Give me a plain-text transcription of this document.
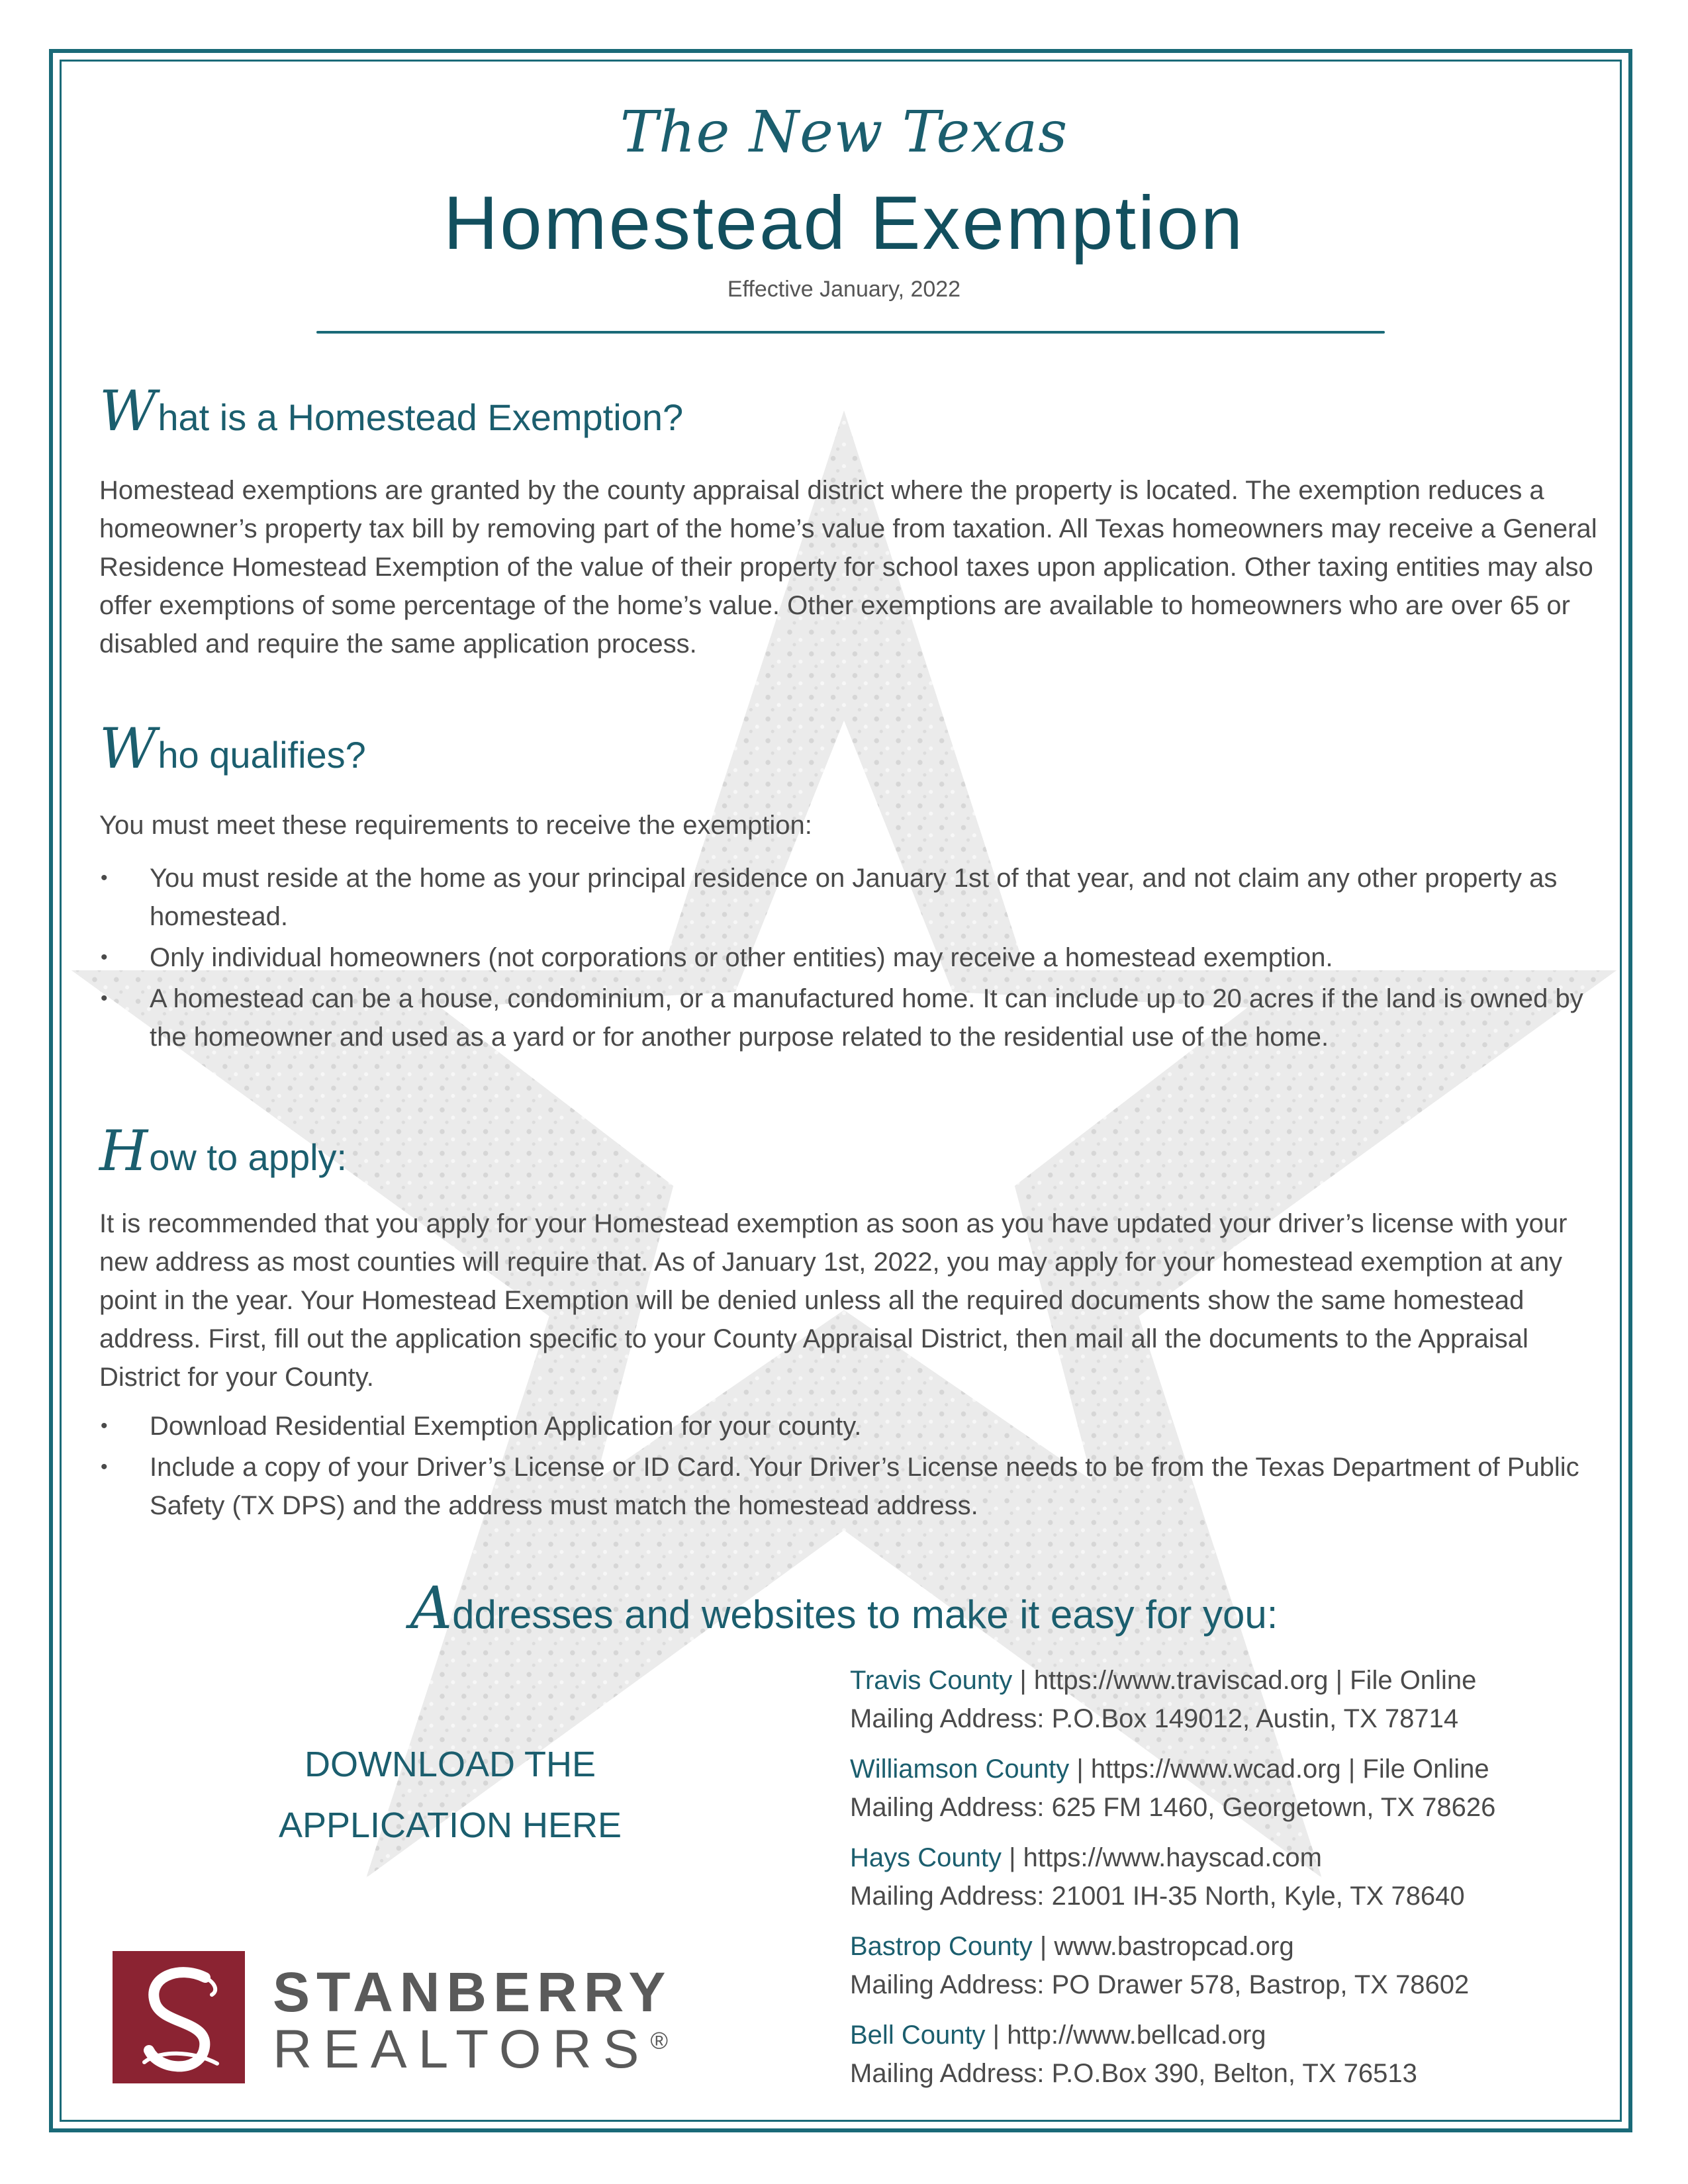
The New Texas
Homestead Exemption
Effective January, 2022
What is a Homestead Exemption?
Homestead exemptions are granted by the county appraisal district where the property is located. The exemption reduces a homeowner’s property tax bill by removing part of the home’s value from taxation. All Texas homeowners may receive a General Residence Homestead Exemption of the value of their property for school taxes upon application. Other taxing entities may also offer exemptions of some percentage of the home’s value. Other exemptions are available to homeowners who are over 65 or disabled and require the same application process.
Who qualifies?
You must meet these requirements to receive the exemption:
• You must reside at the home as your principal residence on January 1st of that year, and not claim any other property as homestead.
• Only individual homeowners (not corporations or other entities) may receive a homestead exemption.
• A homestead can be a house, condominium, or a manufactured home. It can include up to 20 acres if the land is owned by the homeowner and used as a yard or for another purpose related to the residential use of the home.
How to apply:
It is recommended that you apply for your Homestead exemption as soon as you have updated your driver’s license with your new address as most counties will require that. As of January 1st, 2022, you may apply for your homestead exemption at any point in the year. Your Homestead Exemption will be denied unless all the required documents show the same homestead address. First, fill out the application specific to your County Appraisal District, then mail all the documents to the Appraisal District for your County.
• Download Residential Exemption Application for your county.
• Include a copy of your Driver’s License or ID Card. Your Driver’s License needs to be from the Texas Department of Public Safety (TX DPS) and the address must match the homestead address.
Addresses and websites to make it easy for you:
DOWNLOAD THE
APPLICATION HERE
Travis County | https://www.traviscad.org | File Online
Mailing Address: P.O.Box 149012, Austin, TX 78714
Williamson County | https://www.wcad.org | File Online
Mailing Address: 625 FM 1460, Georgetown, TX 78626
Hays County | https://www.hayscad.com
Mailing Address: 21001 IH-35 North, Kyle, TX 78640
Bastrop County | www.bastropcad.org
Mailing Address: PO Drawer 578, Bastrop, TX 78602
Bell County | http://www.bellcad.org
Mailing Address: P.O.Box 390, Belton, TX 76513
STANBERRY
REALTORS®
